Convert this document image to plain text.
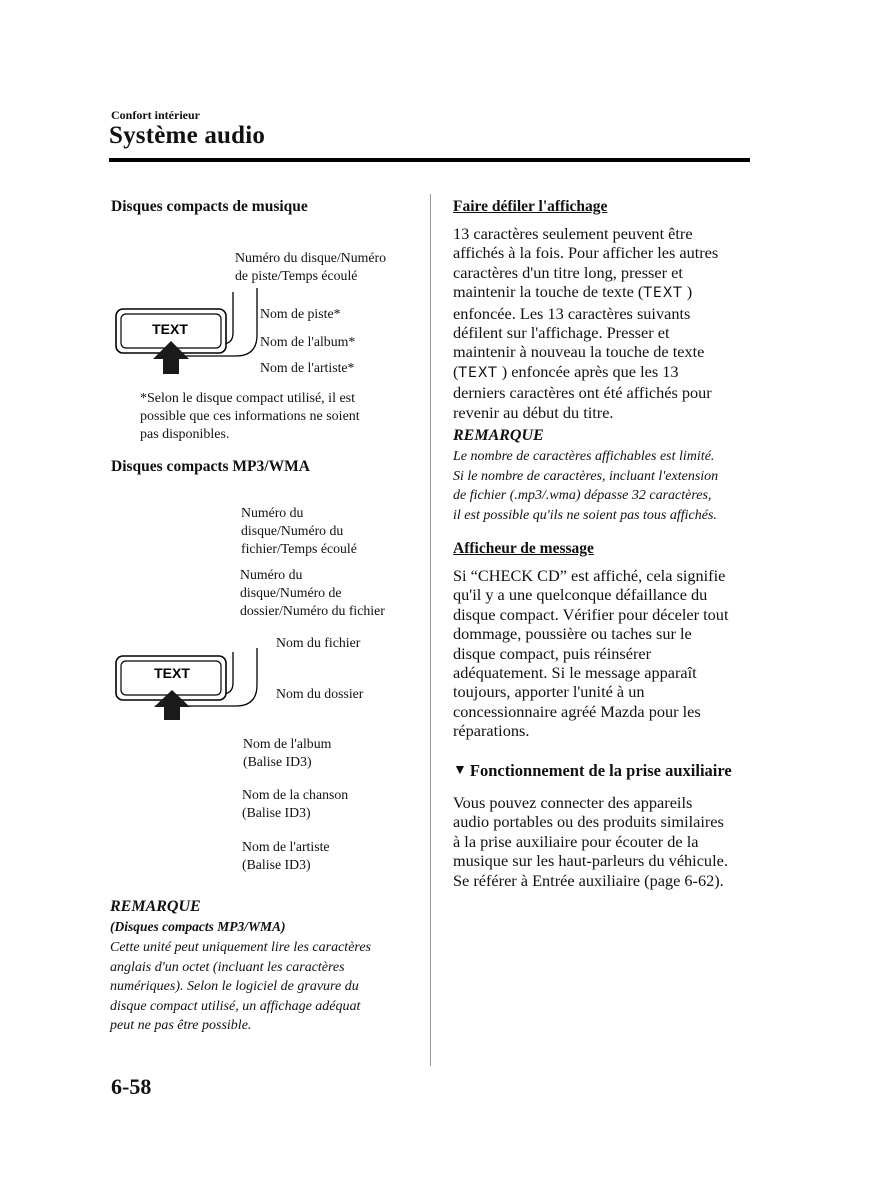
Confort intérieur
Système audio
Disques compacts de musique
Numéro du disque/Numéro
de piste/Temps écoulé
TEXT
Nom de piste*
Nom de l'album*
Nom de l'artiste*
*Selon le disque compact utilisé, il est
possible que ces informations ne soient
pas disponibles.
Disques compacts MP3/WMA
Numéro du
disque/Numéro du
fichier/Temps écoulé
Numéro du
disque/Numéro de
dossier/Numéro du fichier
TEXT
Nom du fichier
Nom du dossier
Nom de l'album
(Balise ID3)
Nom de la chanson
(Balise ID3)
Nom de l'artiste
(Balise ID3)
REMARQUE
(Disques compacts MP3/WMA)
Cette unité peut uniquement lire les caractères
anglais d'un octet (incluant les caractères
numériques). Selon le logiciel de gravure du
disque compact utilisé, un affichage adéquat
peut ne pas être possible.
Faire défiler l'affichage
13 caractères seulement peuvent être
affichés à la fois. Pour afficher les autres
caractères d'un titre long, presser et
maintenir la touche de texte (TEXT )
enfoncée. Les 13 caractères suivants
défilent sur l'affichage. Presser et
maintenir à nouveau la touche de texte
(TEXT ) enfoncée après que les 13
derniers caractères ont été affichés pour
revenir au début du titre.
REMARQUE
Le nombre de caractères affichables est limité.
Si le nombre de caractères, incluant l'extension
de fichier (.mp3/.wma) dépasse 32 caractères,
il est possible qu'ils ne soient pas tous affichés.
Afficheur de message
Si “CHECK CD” est affiché, cela signifie
qu'il y a une quelconque défaillance du
disque compact. Vérifier pour déceler tout
dommage, poussière ou taches sur le
disque compact, puis réinsérer
adéquatement. Si le message apparaît
toujours, apporter l'unité à un
concessionnaire agréé Mazda pour les
réparations.
▼ Fonctionnement de la prise auxiliaire
Vous pouvez connecter des appareils
audio portables ou des produits similaires
à la prise auxiliaire pour écouter de la
musique sur les haut-parleurs du véhicule.
Se référer à Entrée auxiliaire (page 6-62).
6-58
